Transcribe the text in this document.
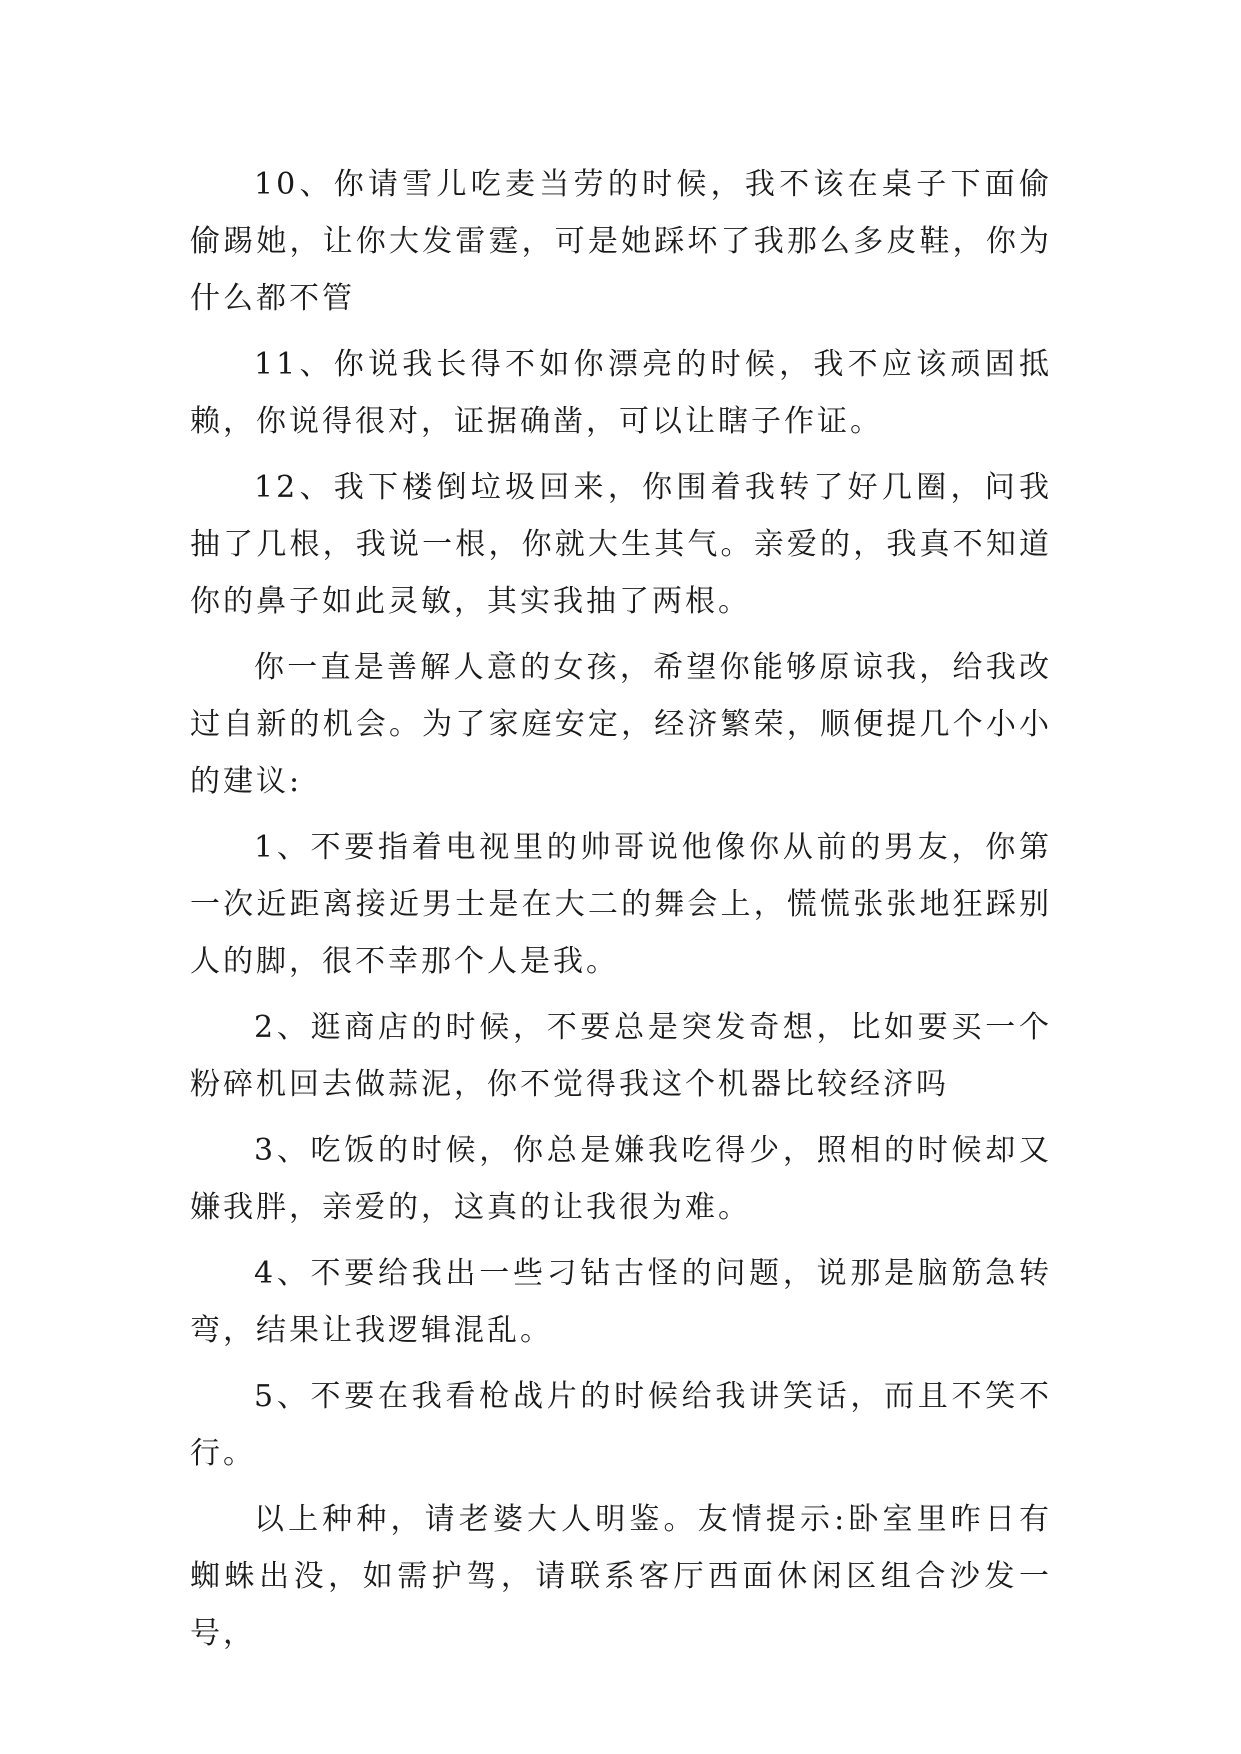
10、你请雪儿吃麦当劳的时候，我不该在桌子下面偷偷踢她，让你大发雷霆，可是她踩坏了我那么多皮鞋，你为什么都不管

11、你说我长得不如你漂亮的时候，我不应该顽固抵赖，你说得很对，证据确凿，可以让瞎子作证。

12、我下楼倒垃圾回来，你围着我转了好几圈，问我抽了几根，我说一根，你就大生其气。亲爱的，我真不知道你的鼻子如此灵敏，其实我抽了两根。

你一直是善解人意的女孩，希望你能够原谅我，给我改过自新的机会。为了家庭安定，经济繁荣，顺便提几个小小的建议:

1、不要指着电视里的帅哥说他像你从前的男友，你第一次近距离接近男士是在大二的舞会上，慌慌张张地狂踩别人的脚，很不幸那个人是我。

2、逛商店的时候，不要总是突发奇想，比如要买一个粉碎机回去做蒜泥，你不觉得我这个机器比较经济吗

3、吃饭的时候，你总是嫌我吃得少，照相的时候却又嫌我胖，亲爱的，这真的让我很为难。

4、不要给我出一些刁钻古怪的问题，说那是脑筋急转弯，结果让我逻辑混乱。

5、不要在我看枪战片的时候给我讲笑话，而且不笑不行。

以上种种，请老婆大人明鉴。友情提示:卧室里昨日有蜘蛛出没，如需护驾，请联系客厅西面休闲区组合沙发一号，
